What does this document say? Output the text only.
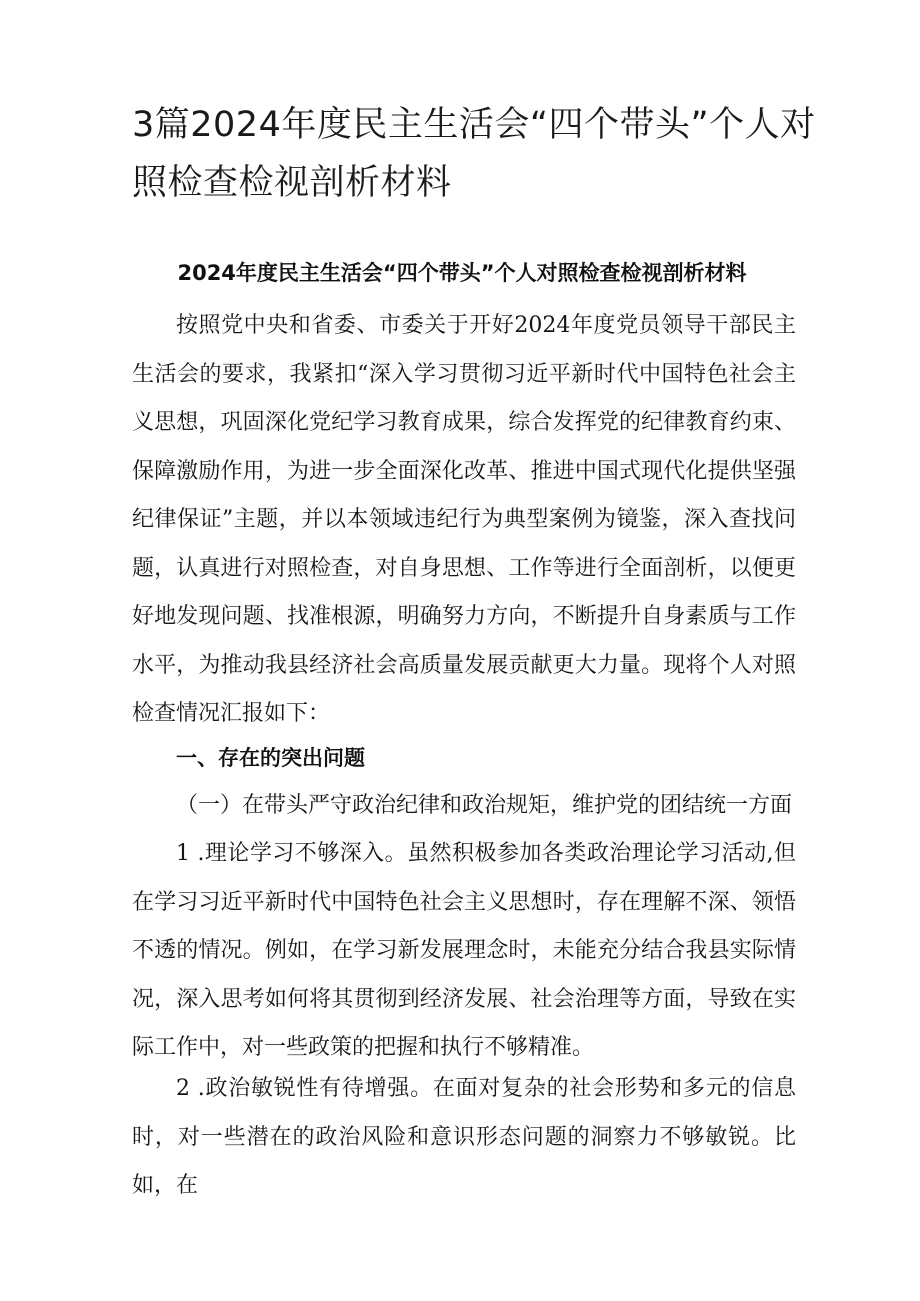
3篇2024年度民主生活会“四个带头”个人对照检查检视剖析材料
2024年度民主生活会“四个带头”个人对照检查检视剖析材料

按照党中央和省委、市委关于开好2024年度党员领导干部民主生活会的要求，我紧扣“深入学习贯彻习近平新时代中国特色社会主义思想，巩固深化党纪学习教育成果，综合发挥党的纪律教育约束、保障激励作用，为进一步全面深化改革、推进中国式现代化提供坚强纪律保证”主题，并以本领域违纪行为典型案例为镜鉴，深入查找问题，认真进行对照检查，对自身思想、工作等进行全面剖析，以便更好地发现问题、找准根源，明确努力方向，不断提升自身素质与工作水平，为推动我县经济社会高质量发展贡献更大力量。现将个人对照检查情况汇报如下：

一、存在的突出问题

（一）在带头严守政治纪律和政治规矩，维护党的团结统一方面

1 .理论学习不够深入。虽然积极参加各类政治理论学习活动,但在学习习近平新时代中国特色社会主义思想时，存在理解不深、领悟不透的情况。例如，在学习新发展理念时，未能充分结合我县实际情况，深入思考如何将其贯彻到经济发展、社会治理等方面，导致在实际工作中，对一些政策的把握和执行不够精准。

2 .政治敏锐性有待增强。在面对复杂的社会形势和多元的信息时，对一些潜在的政治风险和意识形态问题的洞察力不够敏锐。比如，在
